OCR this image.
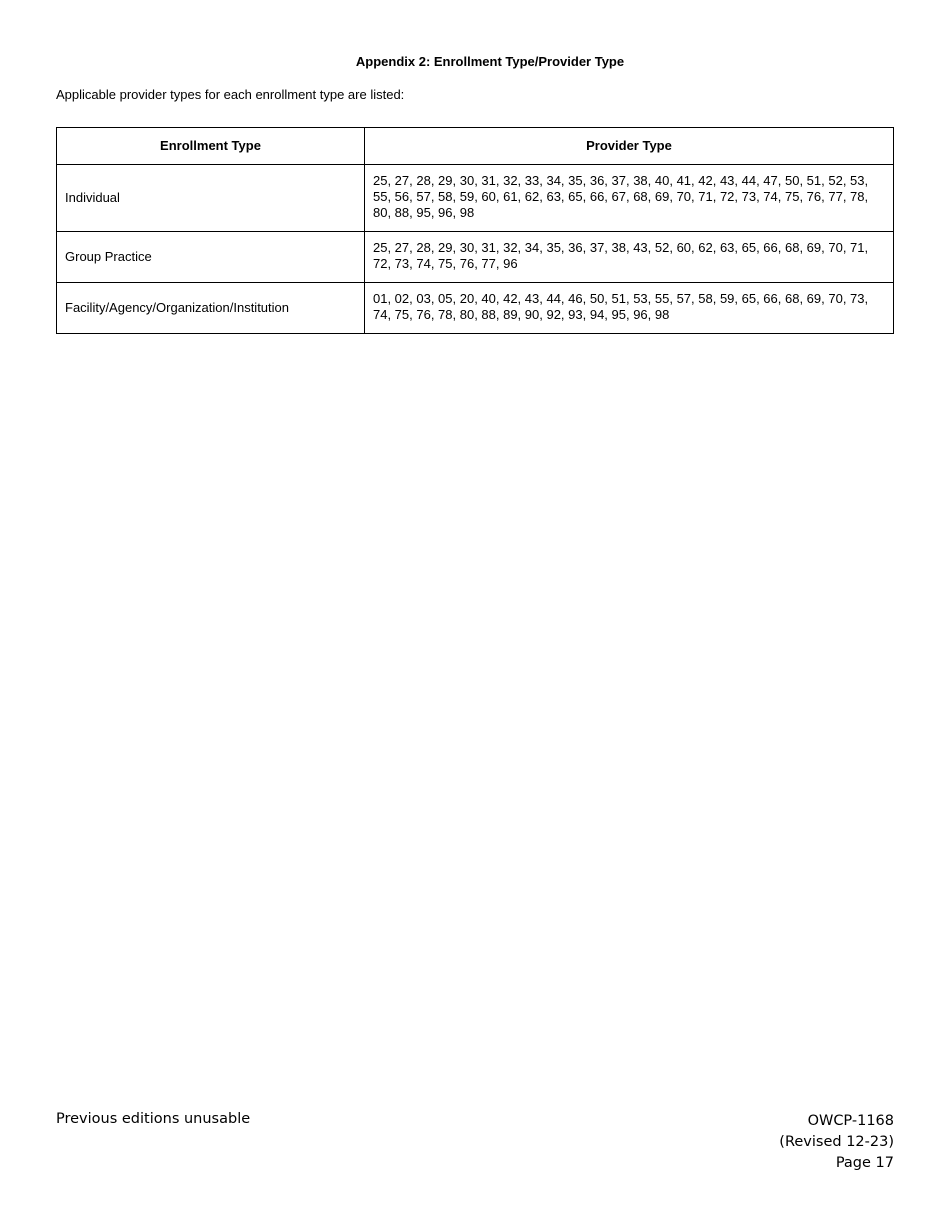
Appendix 2: Enrollment Type/Provider Type

Applicable provider types for each enrollment type are listed:

Enrollment Type	Provider Type
Individual	25, 27, 28, 29, 30, 31, 32, 33, 34, 35, 36, 37, 38, 40, 41, 42, 43, 44, 47, 50, 51, 52, 53, 55, 56, 57, 58, 59, 60, 61, 62, 63, 65, 66, 67, 68, 69, 70, 71, 72, 73, 74, 75, 76, 77, 78, 80, 88, 95, 96, 98
Group Practice	25, 27, 28, 29, 30, 31, 32, 34, 35, 36, 37, 38, 43, 52, 60, 62, 63, 65, 66, 68, 69, 70, 71, 72, 73, 74, 75, 76, 77, 96
Facility/Agency/Organization/Institution	01, 02, 03, 05, 20, 40, 42, 43, 44, 46, 50, 51, 53, 55, 57, 58, 59, 65, 66, 68, 69, 70, 73, 74, 75, 76, 78, 80, 88, 89, 90, 92, 93, 94, 95, 96, 98

Previous editions unusable	OWCP-1168
(Revised 12-23)
Page 17
